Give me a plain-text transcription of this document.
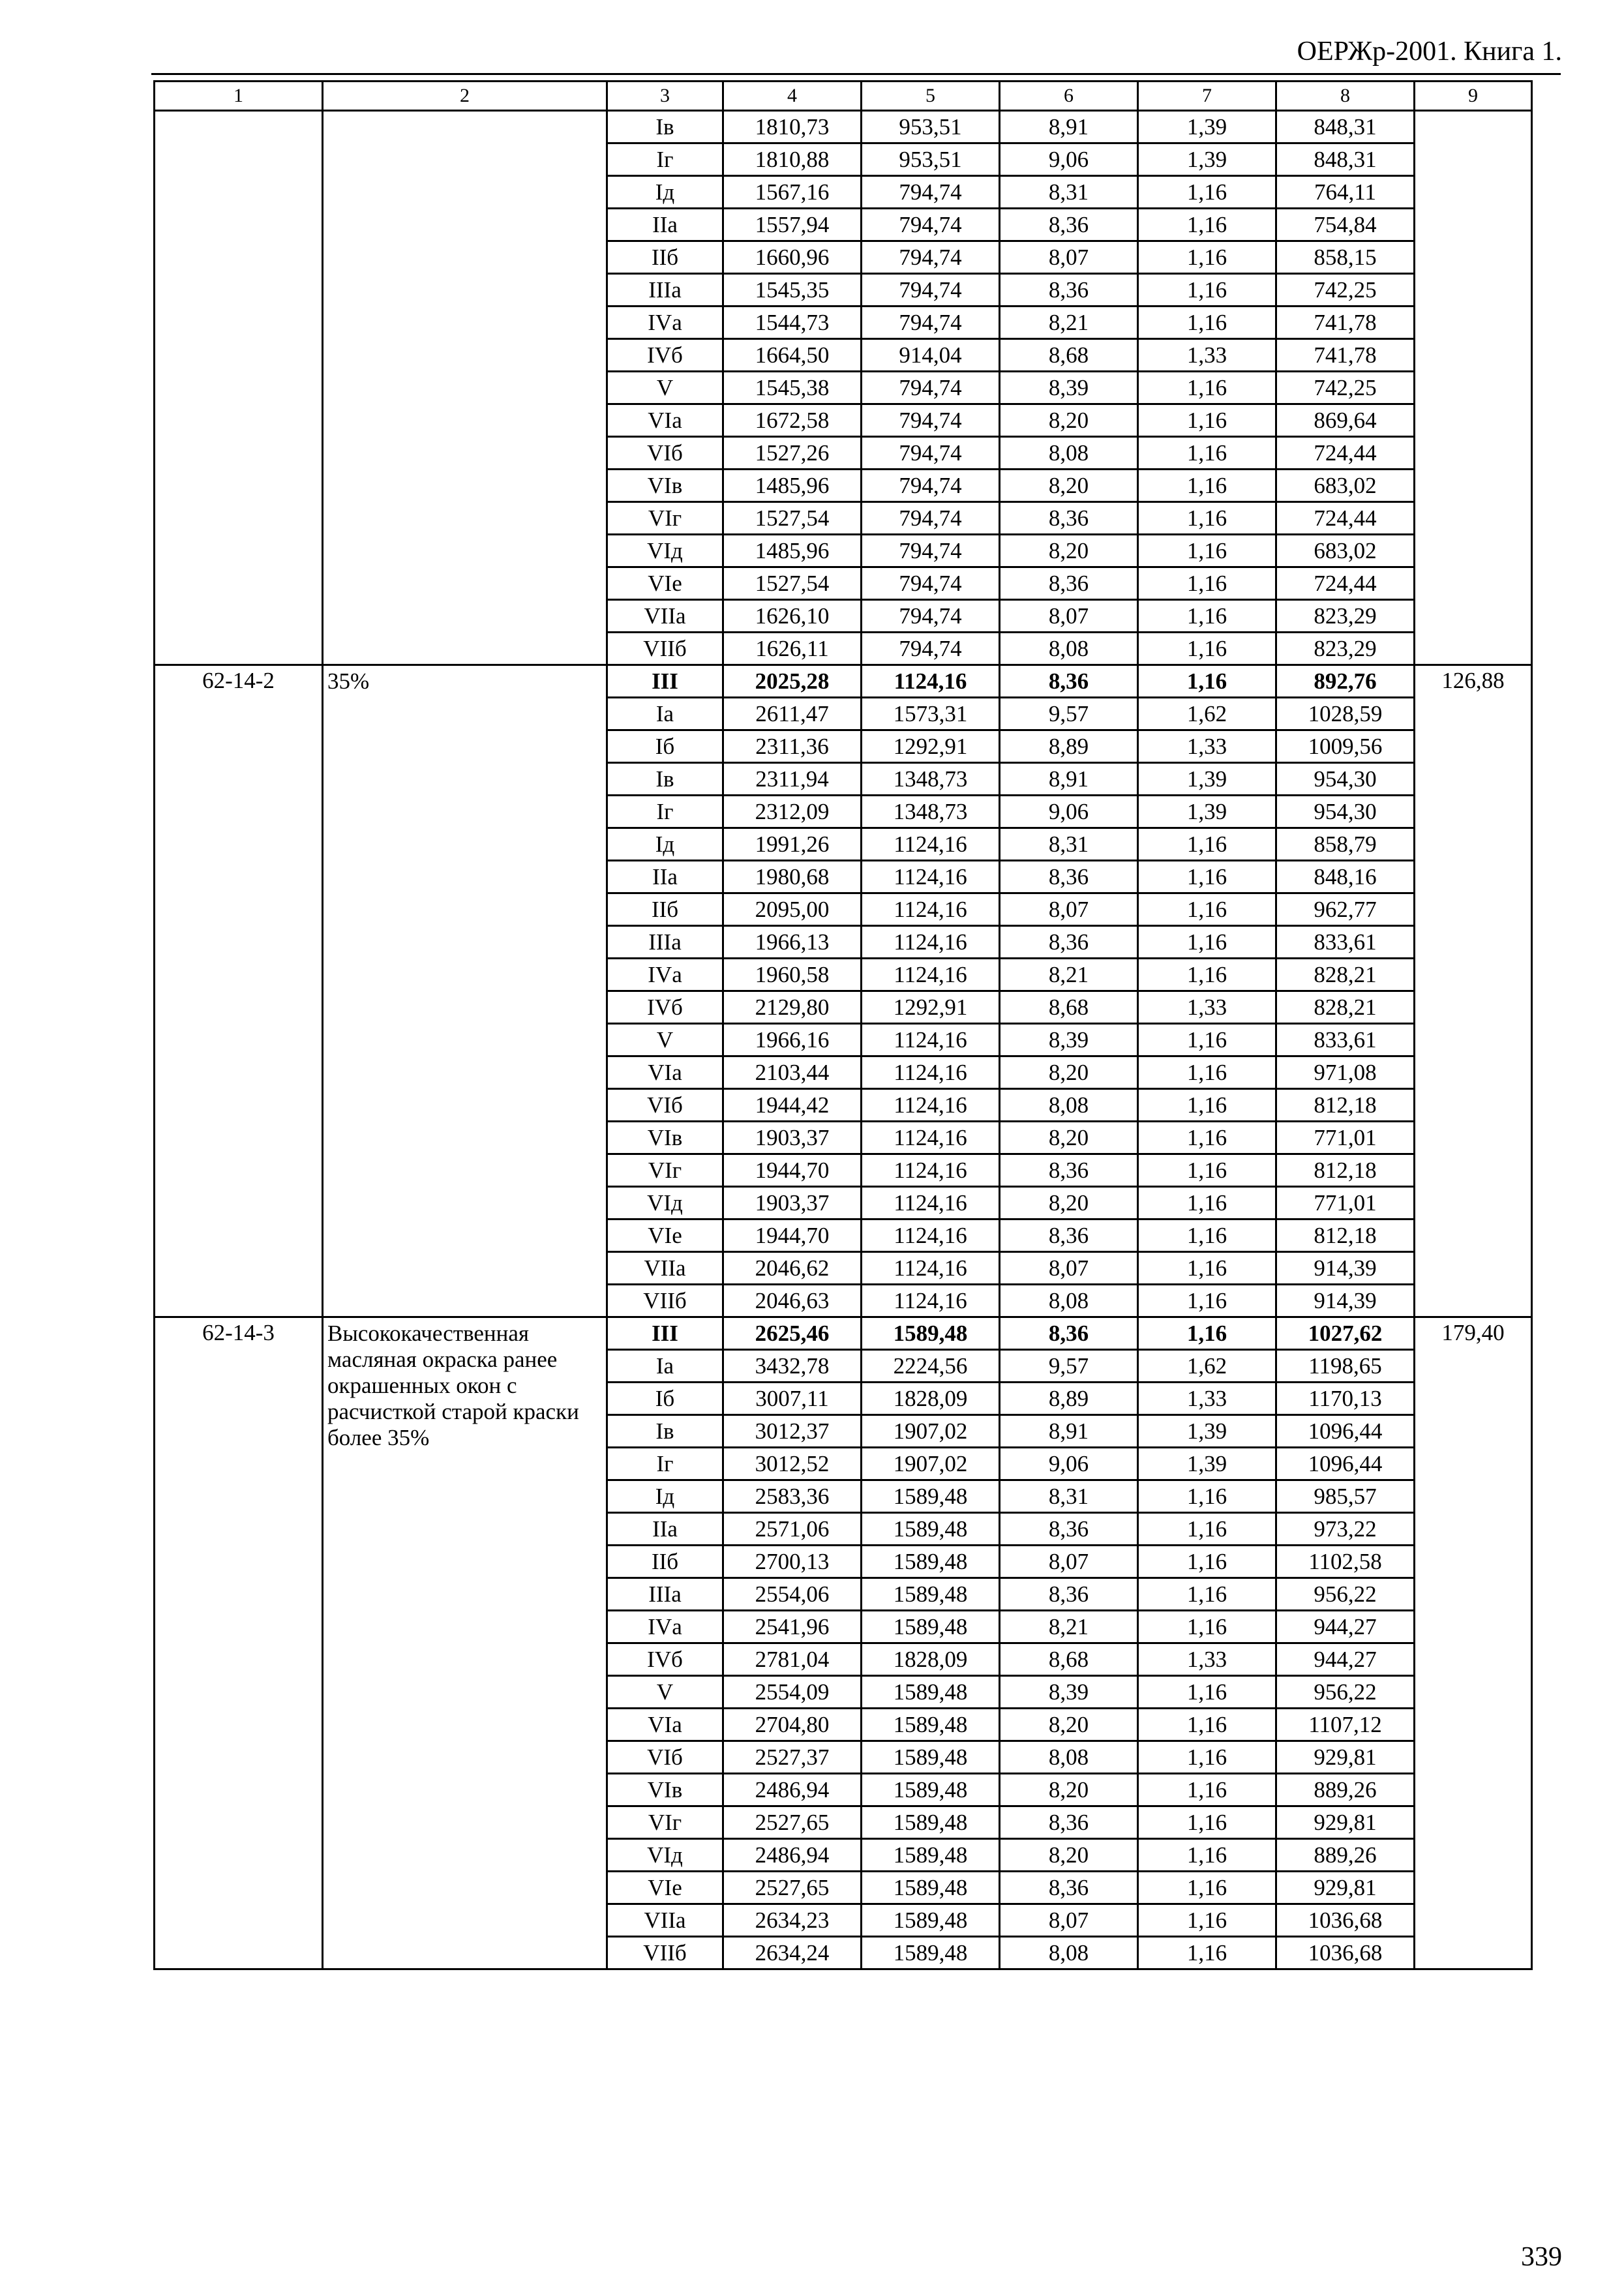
ОЕРЖр-2001. Книга 1.
1	2	3	4	5	6	7	8	9
		Iв	1810,73	953,51	8,91	1,39	848,31	
		Iг	1810,88	953,51	9,06	1,39	848,31	
		Iд	1567,16	794,74	8,31	1,16	764,11	
		IIа	1557,94	794,74	8,36	1,16	754,84	
		IIб	1660,96	794,74	8,07	1,16	858,15	
		IIIа	1545,35	794,74	8,36	1,16	742,25	
		IVа	1544,73	794,74	8,21	1,16	741,78	
		IVб	1664,50	914,04	8,68	1,33	741,78	
		V	1545,38	794,74	8,39	1,16	742,25	
		VIа	1672,58	794,74	8,20	1,16	869,64	
		VIб	1527,26	794,74	8,08	1,16	724,44	
		VIв	1485,96	794,74	8,20	1,16	683,02	
		VIг	1527,54	794,74	8,36	1,16	724,44	
		VIд	1485,96	794,74	8,20	1,16	683,02	
		VIе	1527,54	794,74	8,36	1,16	724,44	
		VIIа	1626,10	794,74	8,07	1,16	823,29	
		VIIб	1626,11	794,74	8,08	1,16	823,29	
62-14-2	35%	III	2025,28	1124,16	8,36	1,16	892,76	126,88
		Iа	2611,47	1573,31	9,57	1,62	1028,59	
		Iб	2311,36	1292,91	8,89	1,33	1009,56	
		Iв	2311,94	1348,73	8,91	1,39	954,30	
		Iг	2312,09	1348,73	9,06	1,39	954,30	
		Iд	1991,26	1124,16	8,31	1,16	858,79	
		IIа	1980,68	1124,16	8,36	1,16	848,16	
		IIб	2095,00	1124,16	8,07	1,16	962,77	
		IIIа	1966,13	1124,16	8,36	1,16	833,61	
		IVа	1960,58	1124,16	8,21	1,16	828,21	
		IVб	2129,80	1292,91	8,68	1,33	828,21	
		V	1966,16	1124,16	8,39	1,16	833,61	
		VIа	2103,44	1124,16	8,20	1,16	971,08	
		VIб	1944,42	1124,16	8,08	1,16	812,18	
		VIв	1903,37	1124,16	8,20	1,16	771,01	
		VIг	1944,70	1124,16	8,36	1,16	812,18	
		VIд	1903,37	1124,16	8,20	1,16	771,01	
		VIе	1944,70	1124,16	8,36	1,16	812,18	
		VIIа	2046,62	1124,16	8,07	1,16	914,39	
		VIIб	2046,63	1124,16	8,08	1,16	914,39	
62-14-3	Высококачественная масляная окраска ранее окрашенных окон с расчисткой старой краски более 35%	III	2625,46	1589,48	8,36	1,16	1027,62	179,40
		Iа	3432,78	2224,56	9,57	1,62	1198,65	
		Iб	3007,11	1828,09	8,89	1,33	1170,13	
		Iв	3012,37	1907,02	8,91	1,39	1096,44	
		Iг	3012,52	1907,02	9,06	1,39	1096,44	
		Iд	2583,36	1589,48	8,31	1,16	985,57	
		IIа	2571,06	1589,48	8,36	1,16	973,22	
		IIб	2700,13	1589,48	8,07	1,16	1102,58	
		IIIа	2554,06	1589,48	8,36	1,16	956,22	
		IVа	2541,96	1589,48	8,21	1,16	944,27	
		IVб	2781,04	1828,09	8,68	1,33	944,27	
		V	2554,09	1589,48	8,39	1,16	956,22	
		VIа	2704,80	1589,48	8,20	1,16	1107,12	
		VIб	2527,37	1589,48	8,08	1,16	929,81	
		VIв	2486,94	1589,48	8,20	1,16	889,26	
		VIг	2527,65	1589,48	8,36	1,16	929,81	
		VIд	2486,94	1589,48	8,20	1,16	889,26	
		VIе	2527,65	1589,48	8,36	1,16	929,81	
		VIIа	2634,23	1589,48	8,07	1,16	1036,68	
		VIIб	2634,24	1589,48	8,08	1,16	1036,68	
339
